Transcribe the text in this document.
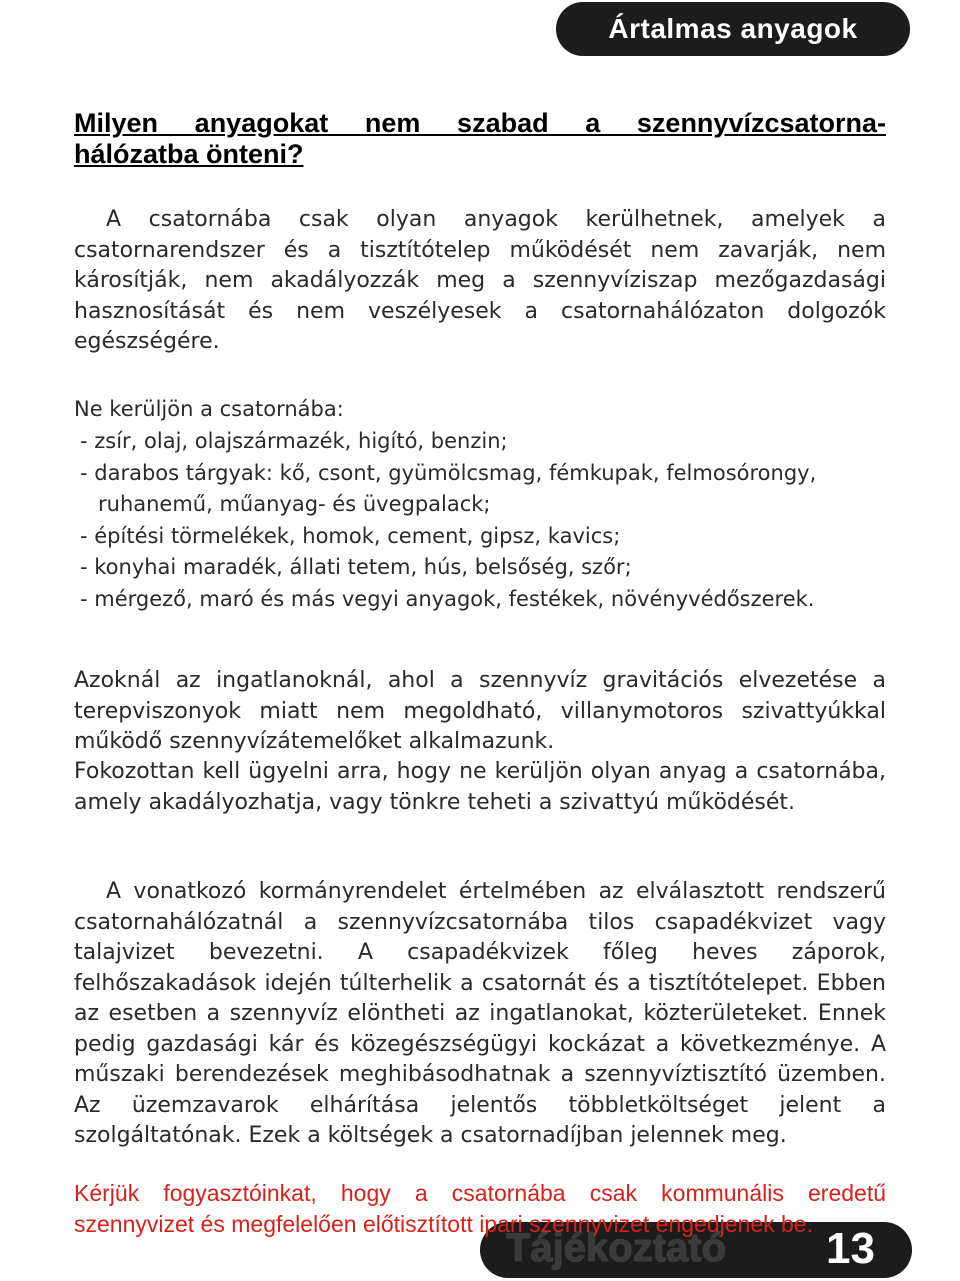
Ártalmas anyagok
Milyen anyagokat nem szabad a szennyvízcsatorna-
hálózatba önteni?

A csatornába csak olyan anyagok kerülhetnek, amelyek a csatornarendszer és a tisztítótelep működését nem zavarják, nem károsítják, nem akadályozzák meg a szennyvíziszap mezőgazdasági hasznosítását és nem veszélyesek a csatornahálózaton dolgozók egészségére.

Ne kerüljön a csatornába:

- zsír, olaj, olajszármazék, higító, benzin;
- darabos tárgyak: kő, csont, gyümölcsmag, fémkupak, felmosórongy, ruhanemű, műanyag- és üvegpalack;
- építési törmelékek, homok, cement, gipsz, kavics;
- konyhai maradék, állati tetem, hús, belsőség, szőr;
- mérgező, maró és más vegyi anyagok, festékek, növényvédőszerek.

Azoknál az ingatlanoknál, ahol a szennyvíz gravitációs elvezetése a terepviszonyok miatt nem megoldható, villanymotoros szivattyúkkal működő szennyvízátemelőket alkalmazunk.

Fokozottan kell ügyelni arra, hogy ne kerüljön olyan anyag a csatornába, amely akadályozhatja, vagy tönkre teheti a szivattyú működését.

A vonatkozó kormányrendelet értelmében az elválasztott rendszerű csatornahálózatnál a szennyvízcsatornába tilos csapadékvizet vagy talajvizet bevezetni. A csapadékvizek főleg heves záporok, felhőszakadások idején túlterhelik a csatornát és a tisztítótelepet. Ebben az esetben a szennyvíz elöntheti az ingatlanokat, közterületeket. Ennek pedig gazdasági kár és közegészségügyi kockázat a következménye. A műszaki berendezések meghibásodhatnak a szennyvíztisztító üzemben. Az üzemzavarok elhárítása jelentős többletköltséget jelent a szolgáltatónak. Ezek a költségek a csatornadíjban jelennek meg.

Kérjük fogyasztóinkat, hogy a csatornába csak kommunális eredetű szennyvizet és megfelelően előtisztított ipari szennyvizet engedjenek be.

Tájékoztató 13
